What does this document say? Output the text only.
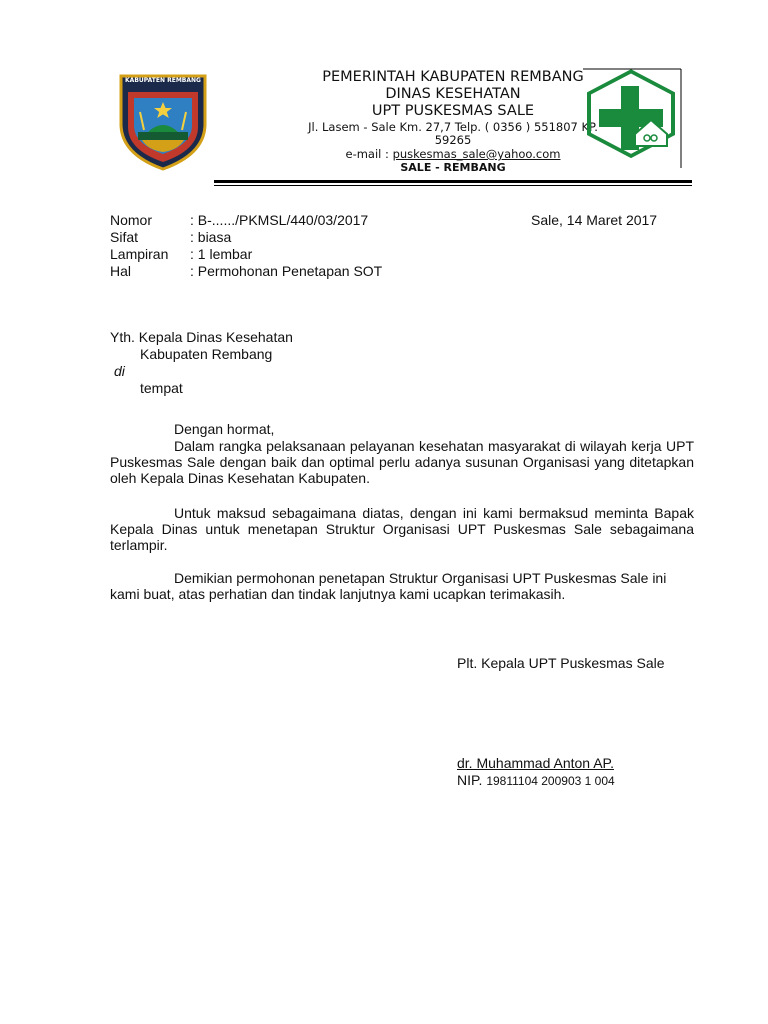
KABUPATEN REMBANG	PEMERINTAH KABUPATEN REMBANG
DINAS KESEHATAN
UPT PUSKESMAS SALE
Jl. Lasem - Sale Km. 27,7 Telp. ( 0356 ) 551807 KP.
59265
e-mail : puskesmas_sale@yahoo.com
SALE - REMBANG
Nomor	: B-....../PKMSL/440/03/2017	Sale, 14 Maret 2017
Sifat	: biasa
Lampiran : 1 lembar
Hal	: Permohonan Penetapan SOT
Yth. Kepala Dinas Kesehatan
Kabupaten Rembang
di
tempat
Dengan hormat,
Dalam rangka pelaksanaan pelayanan kesehatan masyarakat di wilayah kerja UPT Puskesmas Sale dengan baik dan optimal perlu adanya susunan Organisasi yang ditetapkan oleh Kepala Dinas Kesehatan Kabupaten.
Untuk maksud sebagaimana diatas, dengan ini kami bermaksud meminta Bapak Kepala Dinas untuk menetapan Struktur Organisasi UPT Puskesmas Sale sebagaimana terlampir.
Demikian permohonan penetapan Struktur Organisasi UPT Puskesmas Sale ini kami buat, atas perhatian dan tindak lanjutnya kami ucapkan terimakasih.
Plt. Kepala UPT Puskesmas Sale
dr. Muhammad Anton AP.
NIP. 19811104 200903 1 004
